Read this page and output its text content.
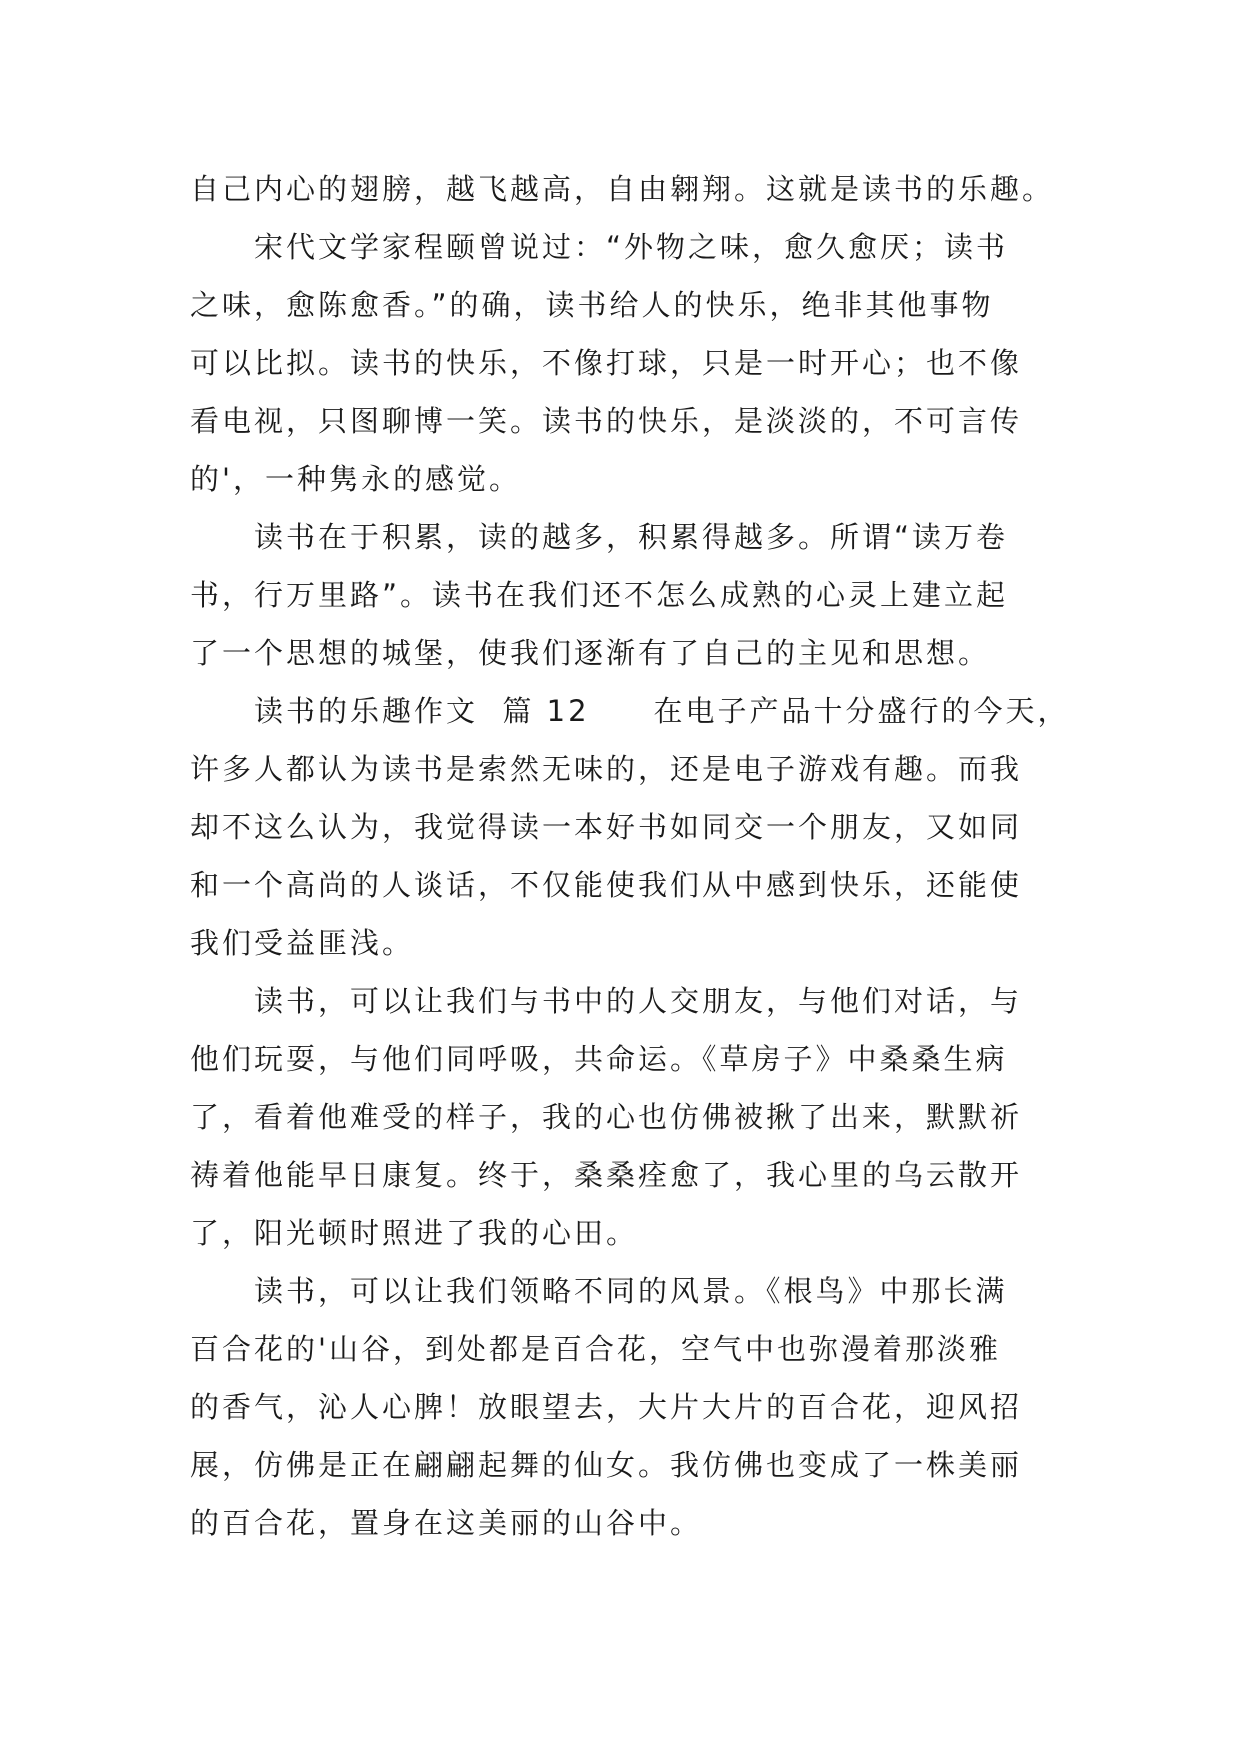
自己内心的翅膀，越飞越高，自由翱翔。这就是读书的乐趣。
　　宋代文学家程颐曾说过：“外物之味，愈久愈厌；读书
之味，愈陈愈香。”的确，读书给人的快乐，绝非其他事物
可以比拟。读书的快乐，不像打球，只是一时开心；也不像
看电视，只图聊博一笑。读书的快乐，是淡淡的，不可言传
的'，一种隽永的感觉。
　　读书在于积累，读的越多，积累得越多。所谓“读万卷
书，行万里路”。读书在我们还不怎么成熟的心灵上建立起
了一个思想的城堡，使我们逐渐有了自己的主见和思想。
　　读书的乐趣作文  篇 12　　在电子产品十分盛行的今天，
许多人都认为读书是索然无味的，还是电子游戏有趣。而我
却不这么认为，我觉得读一本好书如同交一个朋友，又如同
和一个高尚的人谈话，不仅能使我们从中感到快乐，还能使
我们受益匪浅。
　　读书，可以让我们与书中的人交朋友，与他们对话，与
他们玩耍，与他们同呼吸，共命运。《草房子》中桑桑生病
了，看着他难受的样子，我的心也仿佛被揪了出来，默默祈
祷着他能早日康复。终于，桑桑痊愈了，我心里的乌云散开
了，阳光顿时照进了我的心田。
　　读书，可以让我们领略不同的风景。《根鸟》中那长满
百合花的'山谷，到处都是百合花，空气中也弥漫着那淡雅
的香气，沁人心脾！放眼望去，大片大片的百合花，迎风招
展，仿佛是正在翩翩起舞的仙女。我仿佛也变成了一株美丽
的百合花，置身在这美丽的山谷中。
